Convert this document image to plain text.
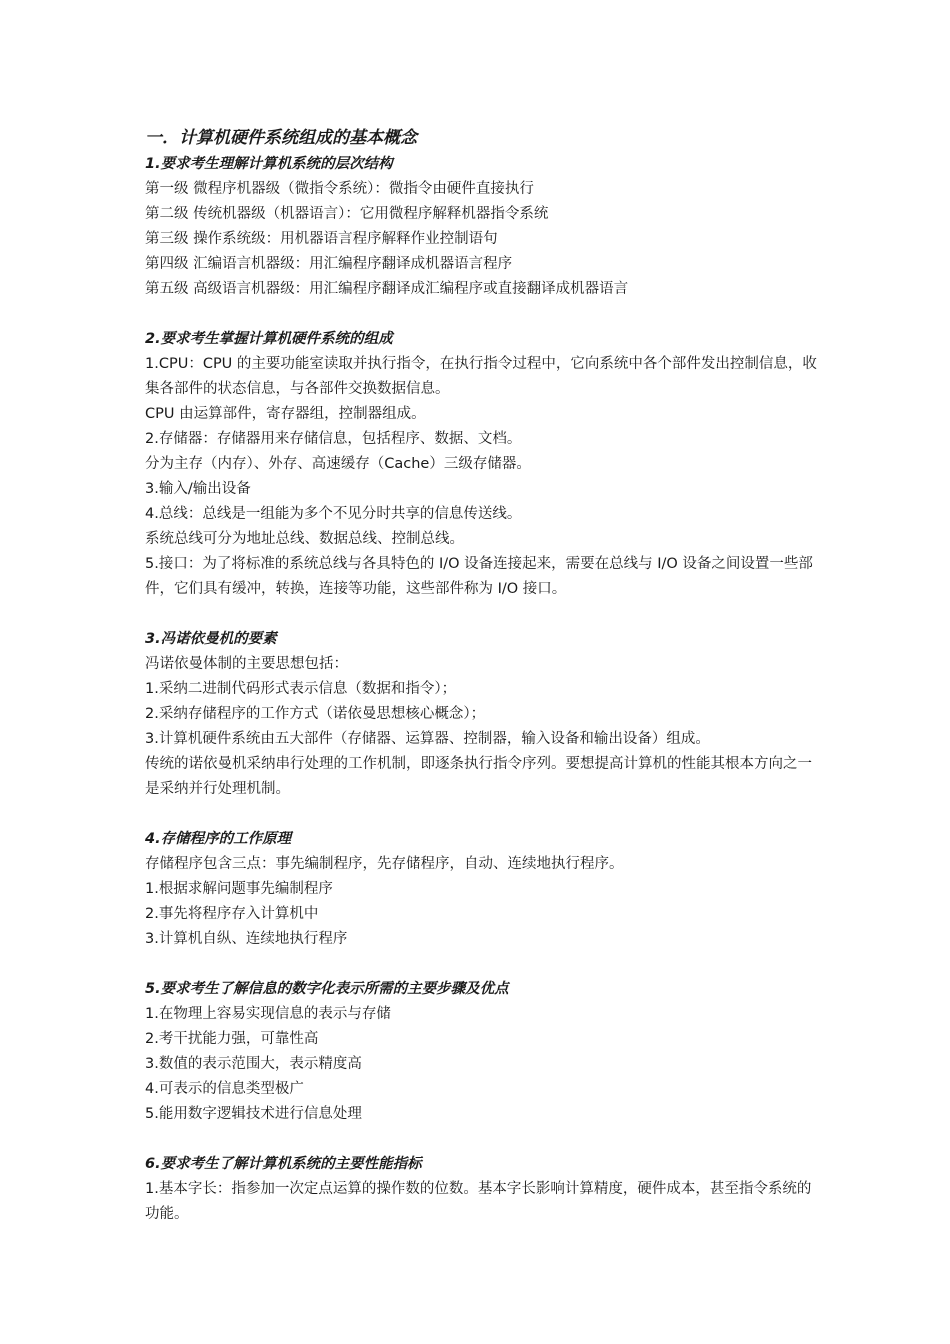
一．计算机硬件系统组成的基本概念
1.要求考生理解计算机系统的层次结构
第一级 微程序机器级（微指令系统）：微指令由硬件直接执行
第二级 传统机器级（机器语言）：它用微程序解释机器指令系统
第三级 操作系统级：用机器语言程序解释作业控制语句
第四级 汇编语言机器级：用汇编程序翻译成机器语言程序
第五级 高级语言机器级：用汇编程序翻译成汇编程序或直接翻译成机器语言
2.要求考生掌握计算机硬件系统的组成
1.CPU：CPU 的主要功能室读取并执行指令，在执行指令过程中，它向系统中各个部件发出控制信息，收集各部件的状态信息，与各部件交换数据信息。
CPU 由运算部件，寄存器组，控制器组成。
2.存储器：存储器用来存储信息，包括程序、数据、文档。
分为主存（内存）、外存、高速缓存（Cache）三级存储器。
3.输入/输出设备
4.总线：总线是一组能为多个不见分时共享的信息传送线。
系统总线可分为地址总线、数据总线、控制总线。
5.接口：为了将标准的系统总线与各具特色的 I/O 设备连接起来，需要在总线与 I/O 设备之间设置一些部件，它们具有缓冲，转换，连接等功能，这些部件称为 I/O 接口。
3.冯诺依曼机的要素
冯诺依曼体制的主要思想包括：
1.采纳二进制代码形式表示信息（数据和指令）；
2.采纳存储程序的工作方式（诺依曼思想核心概念）；
3.计算机硬件系统由五大部件（存储器、运算器、控制器，输入设备和输出设备）组成。
传统的诺依曼机采纳串行处理的工作机制，即逐条执行指令序列。要想提高计算机的性能其根本方向之一是采纳并行处理机制。
4.存储程序的工作原理
存储程序包含三点：事先编制程序，先存储程序，自动、连续地执行程序。
1.根据求解问题事先编制程序
2.事先将程序存入计算机中
3.计算机自纵、连续地执行程序
5.要求考生了解信息的数字化表示所需的主要步骤及优点
1.在物理上容易实现信息的表示与存储
2.考干扰能力强，可靠性高
3.数值的表示范围大，表示精度高
4.可表示的信息类型极广
5.能用数字逻辑技术进行信息处理
6.要求考生了解计算机系统的主要性能指标
1.基本字长：指参加一次定点运算的操作数的位数。基本字长影响计算精度，硬件成本，甚至指令系统的功能。
